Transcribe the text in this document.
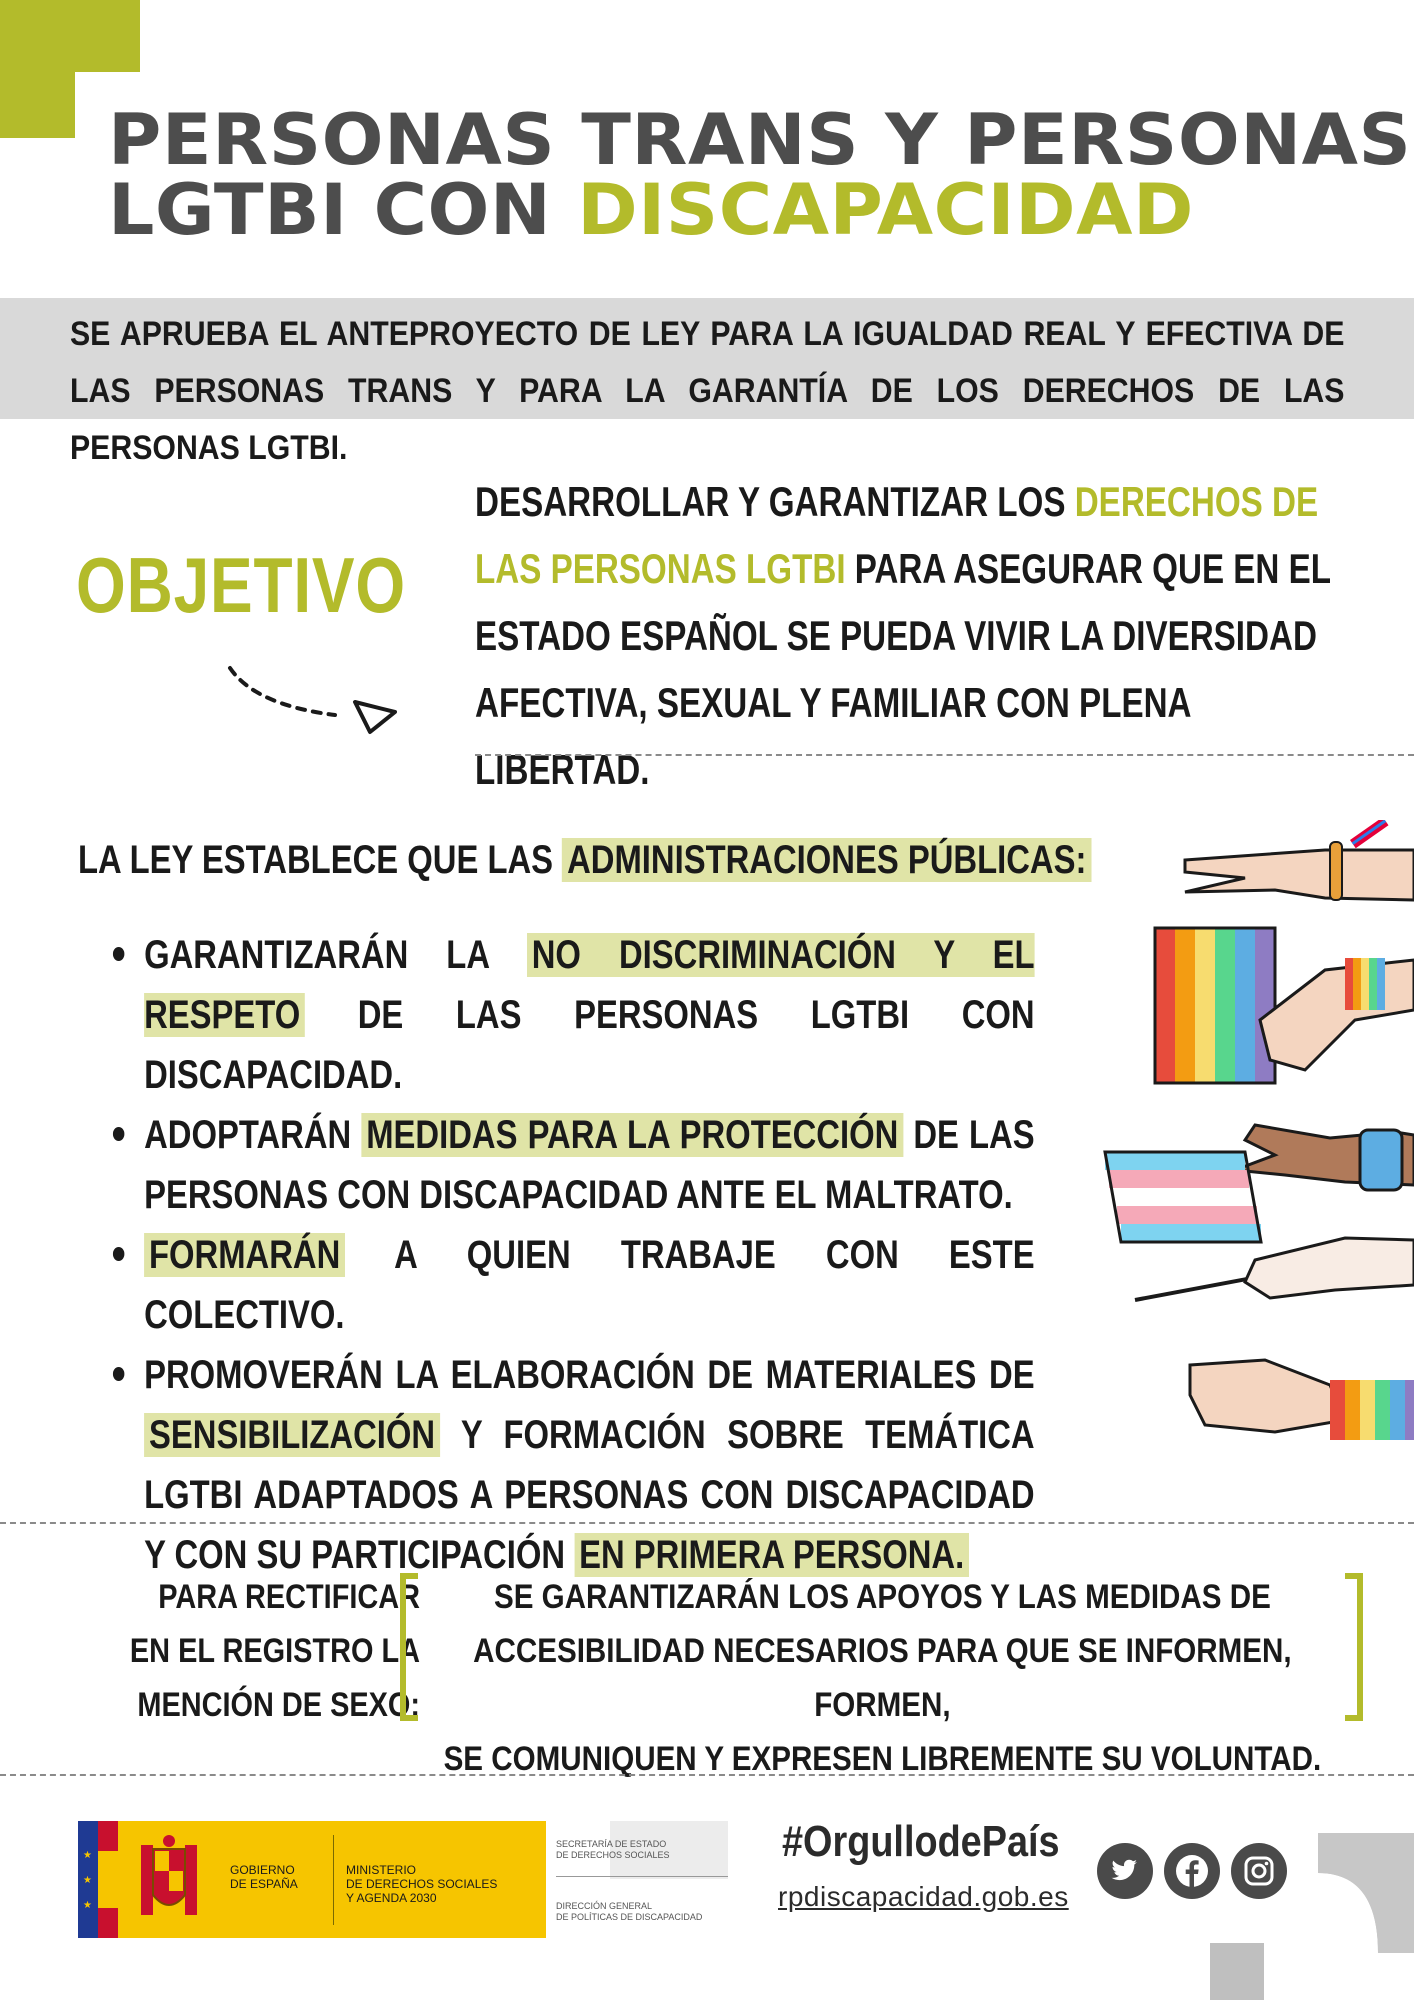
PERSONAS TRANS Y PERSONAS
LGTBI CON DISCAPACIDAD

SE APRUEBA EL ANTEPROYECTO DE LEY PARA LA IGUALDAD REAL Y EFECTIVA DE LAS PERSONAS TRANS Y PARA LA GARANTÍA DE LOS DERECHOS DE LAS PERSONAS LGTBI.

OBJETIVO

DESARROLLAR Y GARANTIZAR LOS DERECHOS DE LAS PERSONAS LGTBI PARA ASEGURAR QUE EN EL ESTADO ESPAÑOL SE PUEDA VIVIR LA DIVERSIDAD AFECTIVA, SEXUAL Y FAMILIAR CON PLENA LIBERTAD.

LA LEY ESTABLECE QUE LAS ADMINISTRACIONES PÚBLICAS:

GARANTIZARÁN LA NO DISCRIMINACIÓN Y EL RESPETO DE LAS PERSONAS LGTBI CON DISCAPACIDAD.
ADOPTARÁN MEDIDAS PARA LA PROTECCIÓN DE LAS PERSONAS CON DISCAPACIDAD ANTE EL MALTRATO.
FORMARÁN A QUIEN TRABAJE CON ESTE COLECTIVO.
PROMOVERÁN LA ELABORACIÓN DE MATERIALES DE SENSIBILIZACIÓN Y FORMACIÓN SOBRE TEMÁTICA LGTBI ADAPTADOS A PERSONAS CON DISCAPACIDAD Y CON SU PARTICIPACIÓN EN PRIMERA PERSONA.
PARA RECTIFICAR
EN EL REGISTRO LA
MENCIÓN DE SEXO:
SE GARANTIZARÁN LOS APOYOS Y LAS MEDIDAS DE
ACCESIBILIDAD NECESARIOS PARA QUE SE INFORMEN, FORMEN,
SE COMUNIQUEN Y EXPRESEN LIBREMENTE SU VOLUNTAD.
★
★
★
GOBIERNO
DE ESPAÑA
MINISTERIO
DE DERECHOS SOCIALES
Y AGENDA 2030
SECRETARÍA DE ESTADO
DE DERECHOS SOCIALES
DIRECCIÓN GENERAL
DE POLÍTICAS DE DISCAPACIDAD
#OrgullodePaís
rpdiscapacidad.gob.es
